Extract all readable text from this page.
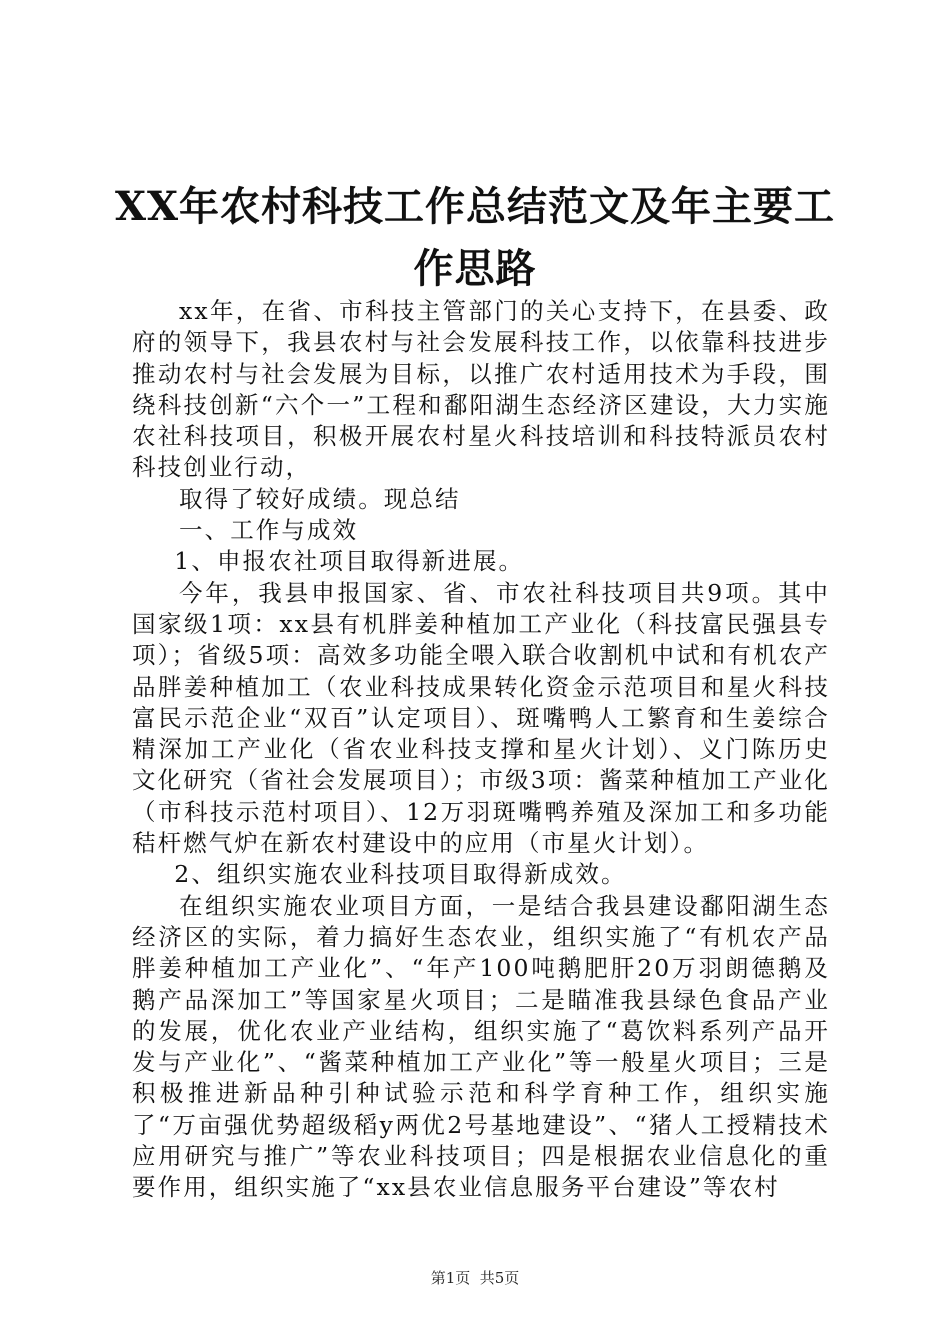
XX年农村科技工作总结范文及年主要工作思路

xx年，在省、市科技主管部门的关心支持下，在县委、政府的领导下，我县农村与社会发展科技工作，以依靠科技进步推动农村与社会发展为目标，以推广农村适用技术为手段，围绕科技创新“六个一”工程和鄱阳湖生态经济区建设，大力实施农社科技项目，积极开展农村星火科技培训和科技特派员农村科技创业行动，

取得了较好成绩。现总结

一、工作与成效

1、申报农社项目取得新进展。

今年，我县申报国家、省、市农社科技项目共9项。其中国家级1项：xx县有机胖姜种植加工产业化（科技富民强县专项）；省级5项：高效多功能全喂入联合收割机中试和有机农产品胖姜种植加工（农业科技成果转化资金示范项目和星火科技富民示范企业“双百”认定项目）、斑嘴鸭人工繁育和生姜综合精深加工产业化（省农业科技支撑和星火计划）、义门陈历史文化研究（省社会发展项目）；市级3项：酱菜种植加工产业化（市科技示范村项目）、12万羽斑嘴鸭养殖及深加工和多功能秸杆燃气炉在新农村建设中的应用（市星火计划）。

2、组织实施农业科技项目取得新成效。

在组织实施农业项目方面，一是结合我县建设鄱阳湖生态经济区的实际，着力搞好生态农业，组织实施了“有机农产品胖姜种植加工产业化”、“年产100吨鹅肥肝20万羽朗德鹅及鹅产品深加工”等国家星火项目；二是瞄准我县绿色食品产业的发展，优化农业产业结构，组织实施了“葛饮料系列产品开发与产业化”、“酱菜种植加工产业化”等一般星火项目；三是积极推进新品种引种试验示范和科学育种工作，组织实施了“万亩强优势超级稻y两优2号基地建设”、“猪人工授精技术应用研究与推广”等农业科技项目；四是根据农业信息化的重要作用，组织实施了“xx县农业信息服务平台建设”等农村

第1页  共5页
